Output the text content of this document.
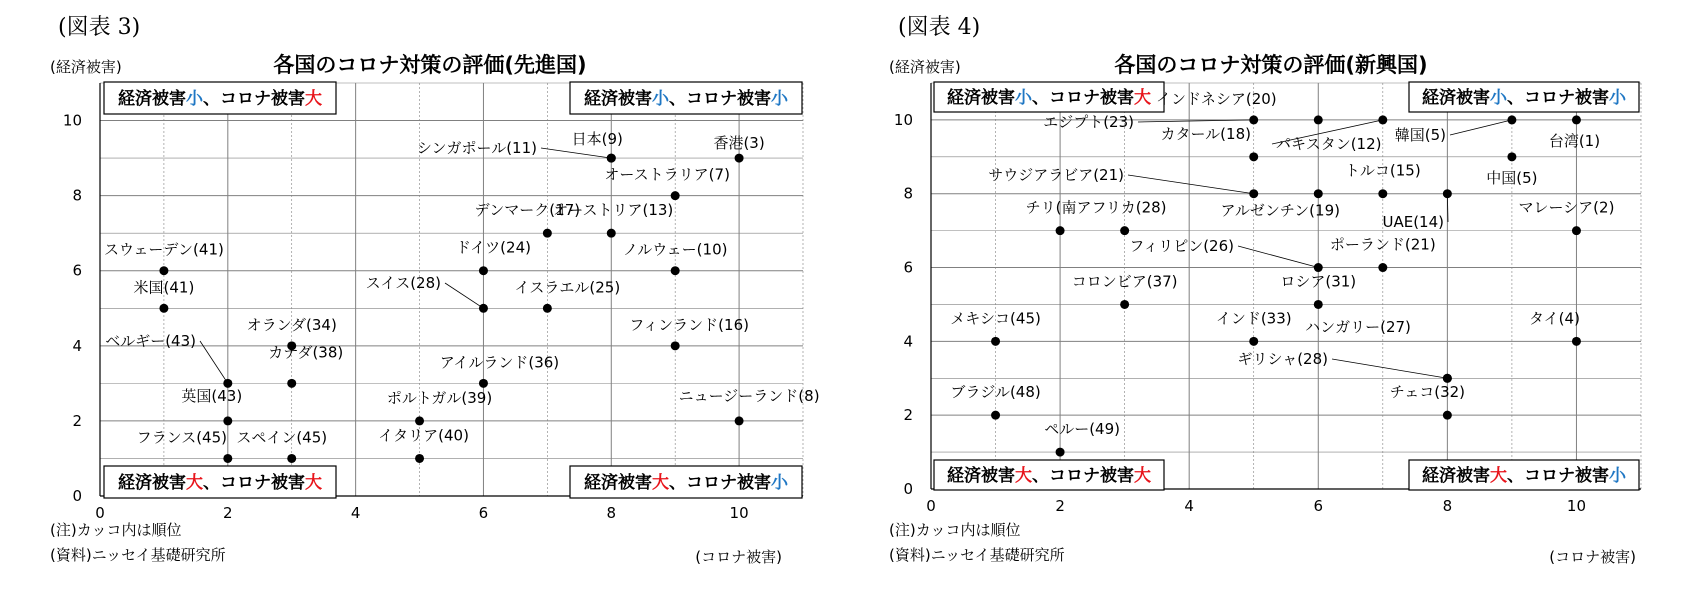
(図表 3)
各国のコロナ対策の評価(先進国)
(経済被害)
(コロナ被害)
(注)カッコ内は順位
(資料)ニッセイ基礎研究所
0	2	4	6	8	10
0
2
4
6
8
10
経済被害小、コロナ被害大	経済被害小、コロナ被害小
経済被害大、コロナ被害大	経済被害大、コロナ被害小
香港(3)
日本(9)
シンガポール(11)
オーストラリア(7)
デンマーク(17)
オーストリア(13)
ドイツ(24)	ノルウェー(10)
スウェーデン(41)
米国(41)	スイス(28)	イスラエル(25)
オランダ(34)	フィンランド(16)
ベルギー(43)
カナダ(38)
アイルランド(36)
英国(43)	ポルトガル(39)	ニュージーランド(8)
フランス(45) スペイン(45)	イタリア(40)
(図表 4)
各国のコロナ対策の評価(新興国)
(経済被害)
(コロナ被害)
(注)カッコ内は順位
(資料)ニッセイ基礎研究所
0	2	4	6	8	10
0
2
4
6
8
10
経済被害小、コロナ被害大	経済被害小、コロナ被害小
経済被害大、コロナ被害大	経済被害大、コロナ被害小
エジプト(23)
インドネシア(20)
パキスタン(12) 韓国(5)	台湾(1)
カタール(18)
中国(5)
サウジアラビア(21)
アルゼンチン(19)
トルコ(15)
UAE(14)
チリ(南アフリカ(28)	マレーシア(2)
フィリピン(26)	ポーランド(21)
コロンビア(37)	ロシア(31)
メキシコ(45)	インド(33) ハンガリー(27)	タイ(4)
ギリシャ(28)
ブラジル(48)	チェコ(32)
ペルー(49)
